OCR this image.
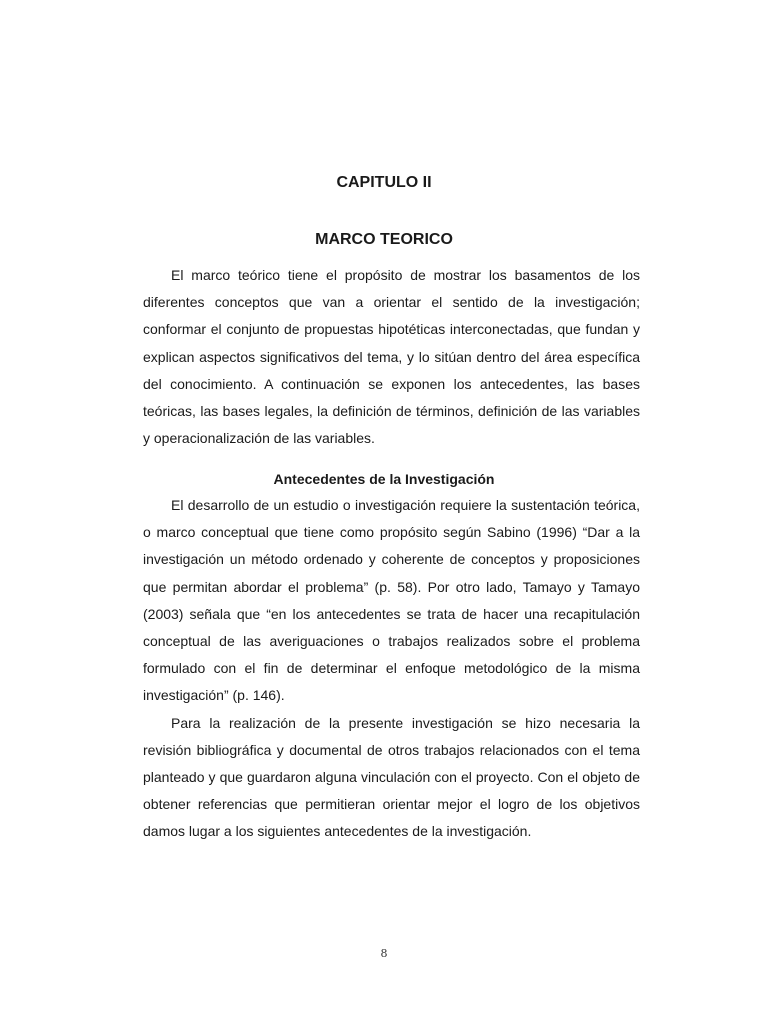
CAPITULO II
MARCO TEORICO

El marco teórico tiene el propósito de mostrar los basamentos de los diferentes conceptos que van a orientar el sentido de la investigación; conformar el conjunto de propuestas hipotéticas interconectadas, que fundan y explican aspectos significativos del tema, y lo sitúan dentro del área específica del conocimiento. A continuación se exponen los antecedentes, las bases teóricas, las bases legales, la definición de términos, definición de las variables y operacionalización de las variables.

Antecedentes de la Investigación

El desarrollo de un estudio o investigación requiere la sustentación teórica, o marco conceptual que tiene como propósito según Sabino (1996) “Dar a la investigación un método ordenado y coherente de conceptos y proposiciones que permitan abordar el problema” (p. 58). Por otro lado, Tamayo y Tamayo (2003) señala que “en los antecedentes se trata de hacer una recapitulación conceptual de las averiguaciones o trabajos realizados sobre el problema formulado con el fin de determinar el enfoque metodológico de la misma investigación” (p. 146).

Para la realización de la presente investigación se hizo necesaria la revisión bibliográfica y documental de otros trabajos relacionados con el tema planteado y que guardaron alguna vinculación con el proyecto. Con el objeto de obtener referencias que permitieran orientar mejor el logro de los objetivos damos lugar a los siguientes antecedentes de la investigación.

8
